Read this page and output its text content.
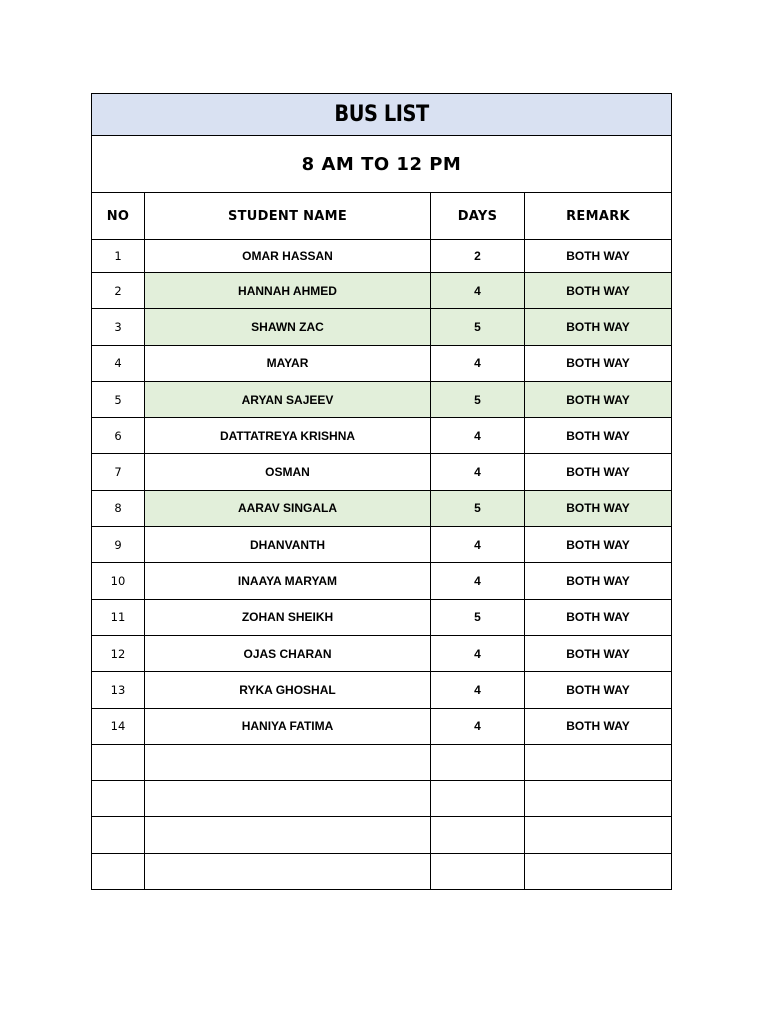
BUS LIST			
8 AM TO 12 PM			
NO	STUDENT NAME	DAYS	REMARK
1	OMAR HASSAN	2	BOTH WAY
2	HANNAH AHMED	4	BOTH WAY
3	SHAWN ZAC	5	BOTH WAY
4	MAYAR	4	BOTH WAY
5	ARYAN SAJEEV	5	BOTH WAY
6	DATTATREYA KRISHNA	4	BOTH WAY
7	OSMAN	4	BOTH WAY
8	AARAV SINGALA	5	BOTH WAY
9	DHANVANTH	4	BOTH WAY
10	INAAYA MARYAM	4	BOTH WAY
11	ZOHAN SHEIKH	5	BOTH WAY
12	OJAS CHARAN	4	BOTH WAY
13	RYKA GHOSHAL	4	BOTH WAY
14	HANIYA FATIMA	4	BOTH WAY
